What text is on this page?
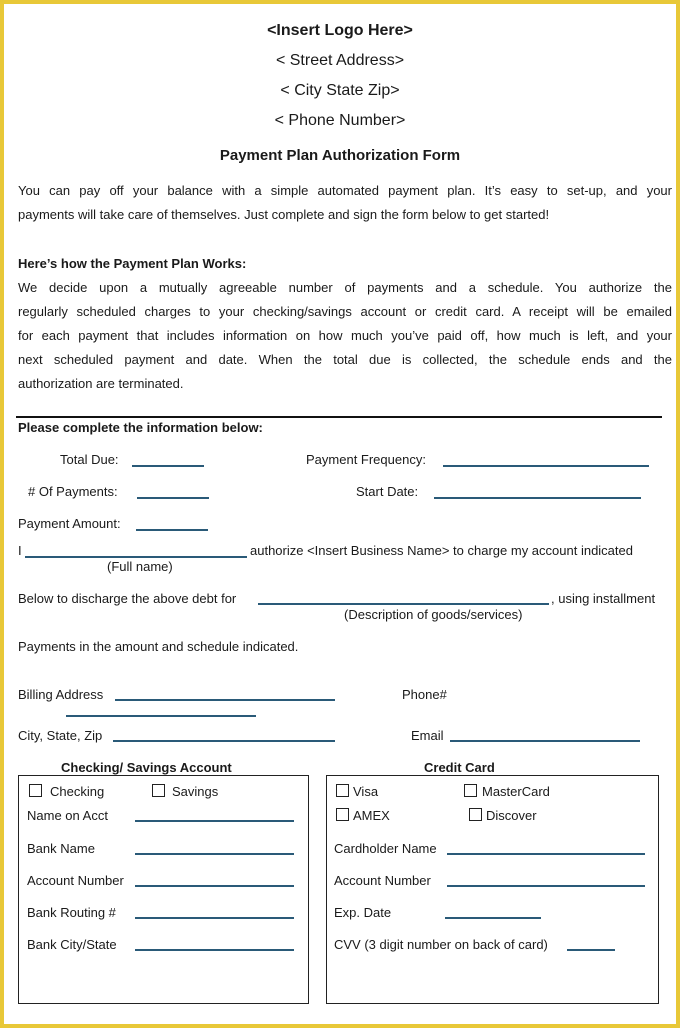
<Insert Logo Here>
< Street Address>
< City State Zip>
< Phone Number>
Payment Plan Authorization Form
You can pay off your balance with a simple automated payment plan. It’s easy to set-up, and your
payments will take care of themselves. Just complete and sign the form below to get started!
Here’s how the Payment Plan Works:
We decide upon a mutually agreeable number of payments and a schedule. You authorize the
regularly scheduled charges to your checking/savings account or credit card. A receipt will be emailed
for each payment that includes information on how much you’ve paid off, how much is left, and your
next scheduled payment and date. When the total due is collected, the schedule ends and the
authorization are terminated.
Please complete the information below:
Total Due:	Payment Frequency:
# Of Payments:	Start Date:
Payment Amount:
I	authorize <Insert Business Name> to charge my account indicated
(Full name)
Below to discharge the above debt for	, using installment
(Description of goods/services)
Payments in the amount and schedule indicated.
Billing Address	Phone#
City, State, Zip	Email
Checking/ Savings Account	Credit Card
Checking	Savings
Name on Acct
Bank Name
Account Number
Bank Routing #
Bank City/State
Visa	MasterCard
AMEX	Discover
Cardholder Name
Account Number
Exp. Date
CVV (3 digit number on back of card)
